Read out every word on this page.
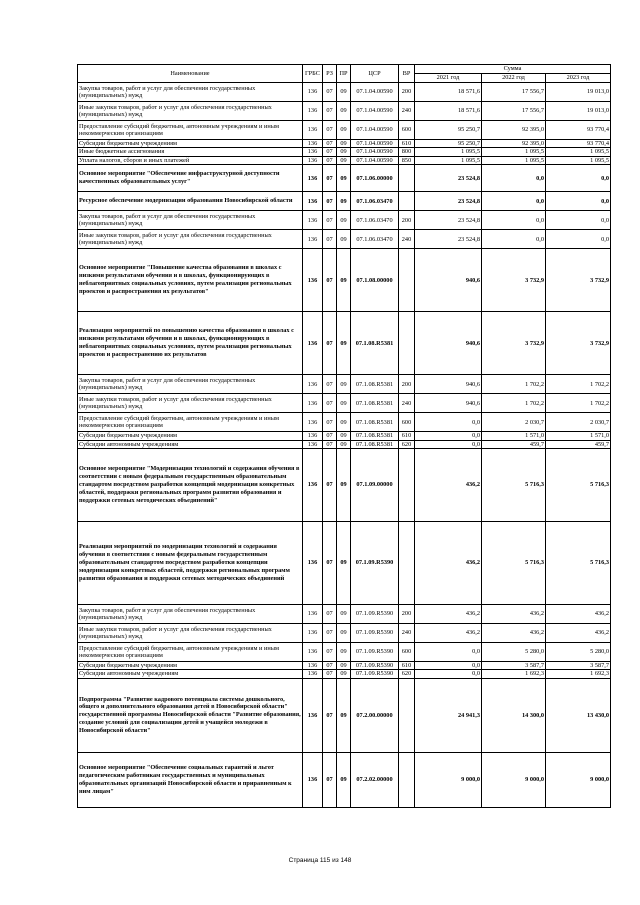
Наименование	ГРБС	РЗ	ПР	ЦСР	ВР	Сумма		
						2021 год	2022 год	2023 год
Закупка товаров, работ и услуг для обеспечения государственных (муниципальных) нужд	136	07	09	07.1.04.00590	200	18 571,6	17 556,7	19 013,0
Иные закупки товаров, работ и услуг для обеспечения государственных (муниципальных) нужд	136	07	09	07.1.04.00590	240	18 571,6	17 556,7	19 013,0
Предоставление субсидий бюджетным, автономным учреждениям и иным некоммерческим организациям	136	07	09	07.1.04.00590	600	95 250,7	92 395,0	93 770,4
Субсидии бюджетным учреждениям	136	07	09	07.1.04.00590	610	95 250,7	92 395,0	93 770,4
Иные бюджетные ассигнования	136	07	09	07.1.04.00590	800	1 095,5	1 095,5	1 095,5
Уплата налогов, сборов и иных платежей	136	07	09	07.1.04.00590	850	1 095,5	1 095,5	1 095,5
Основное мероприятие "Обеспечение инфраструктурной доступности качественных образовательных услуг"	136	07	09	07.1.06.00000		23 524,8	0,0	0,0
Ресурсное обеспечение модернизации образования Новосибирской области	136	07	09	07.1.06.03470		23 524,8	0,0	0,0
Закупка товаров, работ и услуг для обеспечения государственных (муниципальных) нужд	136	07	09	07.1.06.03470	200	23 524,8	0,0	0,0
Иные закупки товаров, работ и услуг для обеспечения государственных (муниципальных) нужд	136	07	09	07.1.06.03470	240	23 524,8	0,0	0,0
Основное мероприятие "Повышение качества образования в школах с низкими результатами обучения и в школах, функционирующих в неблагоприятных социальных условиях, путем реализации региональных проектов и распространения их результатов"	136	07	09	07.1.08.00000		940,6	3 732,9	3 732,9
Реализация мероприятий по повышению качества образования в школах с низкими результатами обучения и в школах, функционирующих в неблагоприятных социальных условиях, путем реализации региональных проектов и распространению их результатов	136	07	09	07.1.08.R5381		940,6	3 732,9	3 732,9
Закупка товаров, работ и услуг для обеспечения государственных (муниципальных) нужд	136	07	09	07.1.08.R5381	200	940,6	1 702,2	1 702,2
Иные закупки товаров, работ и услуг для обеспечения государственных (муниципальных) нужд	136	07	09	07.1.08.R5381	240	940,6	1 702,2	1 702,2
Предоставление субсидий бюджетным, автономным учреждениям и иным некоммерческим организациям	136	07	09	07.1.08.R5381	600	0,0	2 030,7	2 030,7
Субсидии бюджетным учреждениям	136	07	09	07.1.08.R5381	610	0,0	1 571,0	1 571,0
Субсидии автономным учреждениям	136	07	09	07.1.08.R5381	620	0,0	459,7	459,7
Основное мероприятие "Модернизация технологий и содержания обучения в соответствии с новым федеральным государственным образовательным стандартом посредством разработки концепций модернизации конкретных областей, поддержки региональных программ развития образования и поддержки сетевых методических объединений"	136	07	09	07.1.09.00000		436,2	5 716,3	5 716,3
Реализация мероприятий по модернизации технологий и содержания обучения в соответствии с новым федеральным государственным образовательным стандартом посредством разработки концепции модернизации конкретных областей, поддержки региональных программ развития образования и поддержки сетевых методических объединений	136	07	09	07.1.09.R5390		436,2	5 716,3	5 716,3
Закупка товаров, работ и услуг для обеспечения государственных (муниципальных) нужд	136	07	09	07.1.09.R5390	200	436,2	436,2	436,2
Иные закупки товаров, работ и услуг для обеспечения государственных (муниципальных) нужд	136	07	09	07.1.09.R5390	240	436,2	436,2	436,2
Предоставление субсидий бюджетным, автономным учреждениям и иным некоммерческим организациям	136	07	09	07.1.09.R5390	600	0,0	5 280,0	5 280,0
Субсидии бюджетным учреждениям	136	07	09	07.1.09.R5390	610	0,0	3 587,7	3 587,7
Субсидии автономным учреждениям	136	07	09	07.1.09.R5390	620	0,0	1 692,3	1 692,3
Подпрограмма "Развитие кадрового потенциала системы дошкольного, общего и дополнительного образования детей в Новосибирской области" государственной программы Новосибирской области "Развитие образования, создание условий для социализации детей и учащейся молодежи в Новосибирской области"	136	07	09	07.2.00.00000		24 941,3	14 300,0	13 430,0
Основное мероприятие "Обеспечение социальных гарантий и льгот педагогическим работникам государственных и муниципальных образовательных организаций Новосибирской области и приравненным к ним лицам"	136	07	09	07.2.02.00000		9 000,0	9 000,0	9 000,0
Страница 115 из 148
